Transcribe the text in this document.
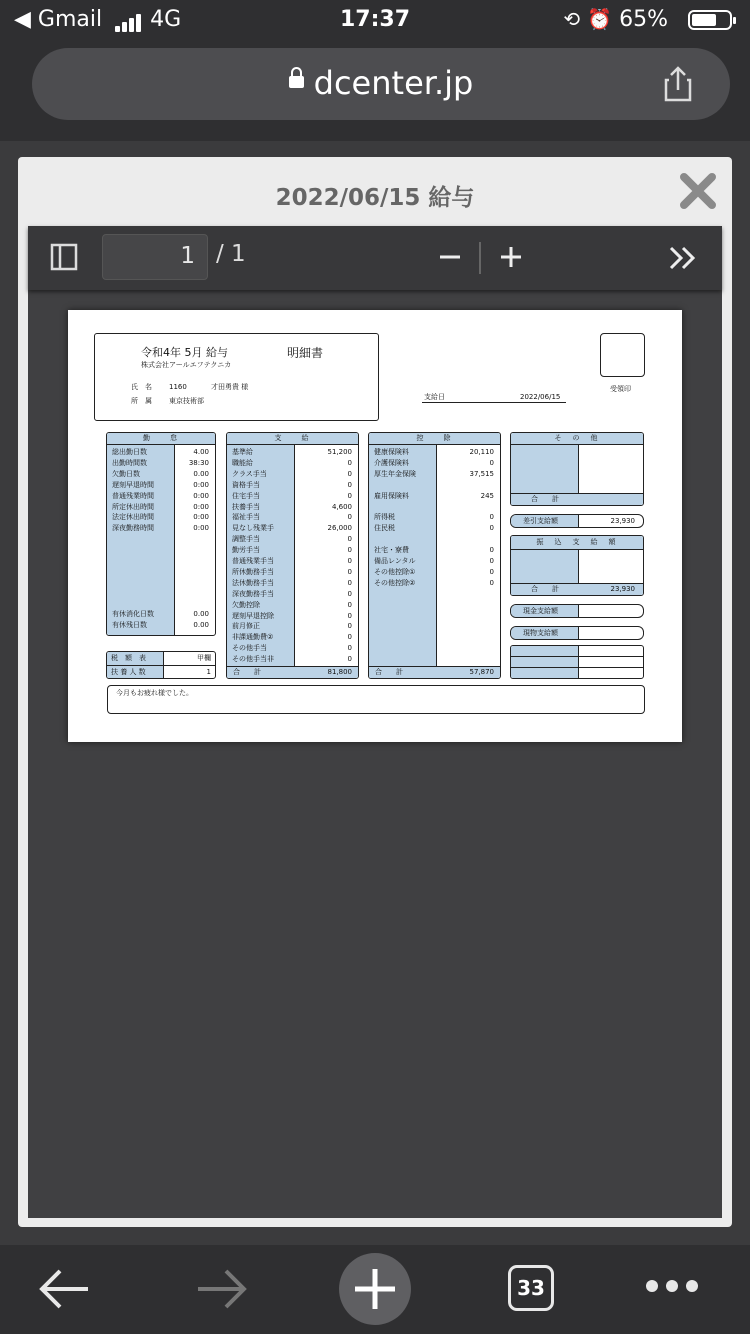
◀ Gmail 4G	17:37	⟲ ⏰ 65%
dcenter.jp
2022/06/15 給与
1 / 1
令和4年 5月 給与	明細書
株式会社アールエフテクニカ
氏　名 1160	才田勇貴 様
所　属 東京技術部	支給日	2022/06/15
受領印
勤　　怠
総出勤日数	4.00
出勤時間数	38:30
欠勤日数	0.00
遅刻早退時間	0:00
普通残業時間	0:00
所定休出時間	0:00
法定休出時間	0:00
深夜勤務時間	0:00
有休消化日数	0.00
有休残日数	0.00
税　額　表	甲欄
扶 養 人 数	1
支　　給
基準給	51,200
職能給	0
クラス手当	0
資格手当	0
住宅手当	0
扶養手当	4,600
福祉手当	0
見なし残業手	26,000
調整手当	0
勤労手当	0
普通残業手当	0
所休勤務手当	0
法休勤務手当	0
深夜勤務手当	0
欠勤控除	0
遅刻早退控除	0
前月修正	0
非課通勤費②	0
その他手当	0
その他手当非	0
合　　計	81,800
控　　除
健康保険料	20,110
介護保険料	0
厚生年金保険	37,515
雇用保険料	245
所得税	0
住民税	0
社宅・寮費	0
備品レンタル	0
その他控除①	0
その他控除②	0
合　　計	57,870
そ　の　他
合　　計
差引支給額	23,930
振　込　支　給　額
合　　計	23,930
現金支給額
現物支給額
今月もお疲れ様でした。
33
